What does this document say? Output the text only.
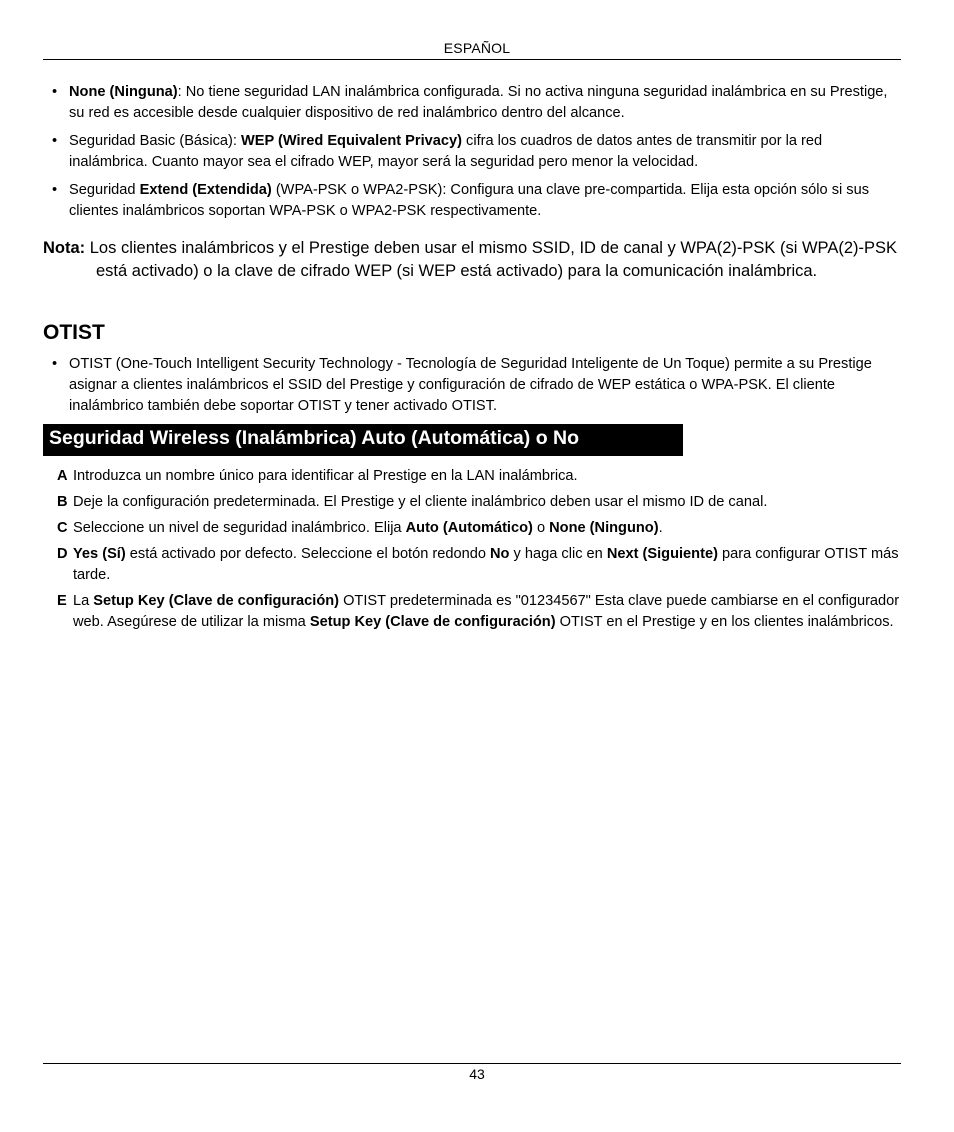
ESPAÑOL
• None (Ninguna): No tiene seguridad LAN inalámbrica configurada. Si no activa ninguna seguridad inalámbrica en su Prestige, su red es accesible desde cualquier dispositivo de red inalámbrico dentro del alcance.
• Seguridad Basic (Básica): WEP (Wired Equivalent Privacy) cifra los cuadros de datos antes de transmitir por la red inalámbrica. Cuanto mayor sea el cifrado WEP, mayor será la seguridad pero menor la velocidad.
• Seguridad Extend (Extendida) (WPA-PSK o WPA2-PSK): Configura una clave pre-compartida. Elija esta opción sólo si sus clientes inalámbricos soportan WPA-PSK o WPA2-PSK respectivamente.
Nota: Los clientes inalámbricos y el Prestige deben usar el mismo SSID, ID de canal y WPA(2)-PSK (si WPA(2)-PSK está activado) o la clave de cifrado WEP (si WEP está activado) para la comunicación inalámbrica.
OTIST
• OTIST (One-Touch Intelligent Security Technology - Tecnología de Seguridad Inteligente de Un Toque) permite a su Prestige asignar a clientes inalámbricos el SSID del Prestige y configuración de cifrado de WEP estática o WPA-PSK. El cliente inalámbrico también debe soportar OTIST y tener activado OTIST.
Seguridad Wireless (Inalámbrica) Auto (Automática) o No
A Introduzca un nombre único para identificar al Prestige en la LAN inalámbrica.
B Deje la configuración predeterminada. El Prestige y el cliente inalámbrico deben usar el mismo ID de canal.
C Seleccione un nivel de seguridad inalámbrico. Elija Auto (Automático) o None (Ninguno).
D Yes (Sí) está activado por defecto. Seleccione el botón redondo No y haga clic en Next (Siguiente) para configurar OTIST más tarde.
E La Setup Key (Clave de configuración) OTIST predeterminada es "01234567" Esta clave puede cambiarse en el configurador web. Asegúrese de utilizar la misma Setup Key (Clave de configuración) OTIST en el Prestige y en los clientes inalámbricos.
43
